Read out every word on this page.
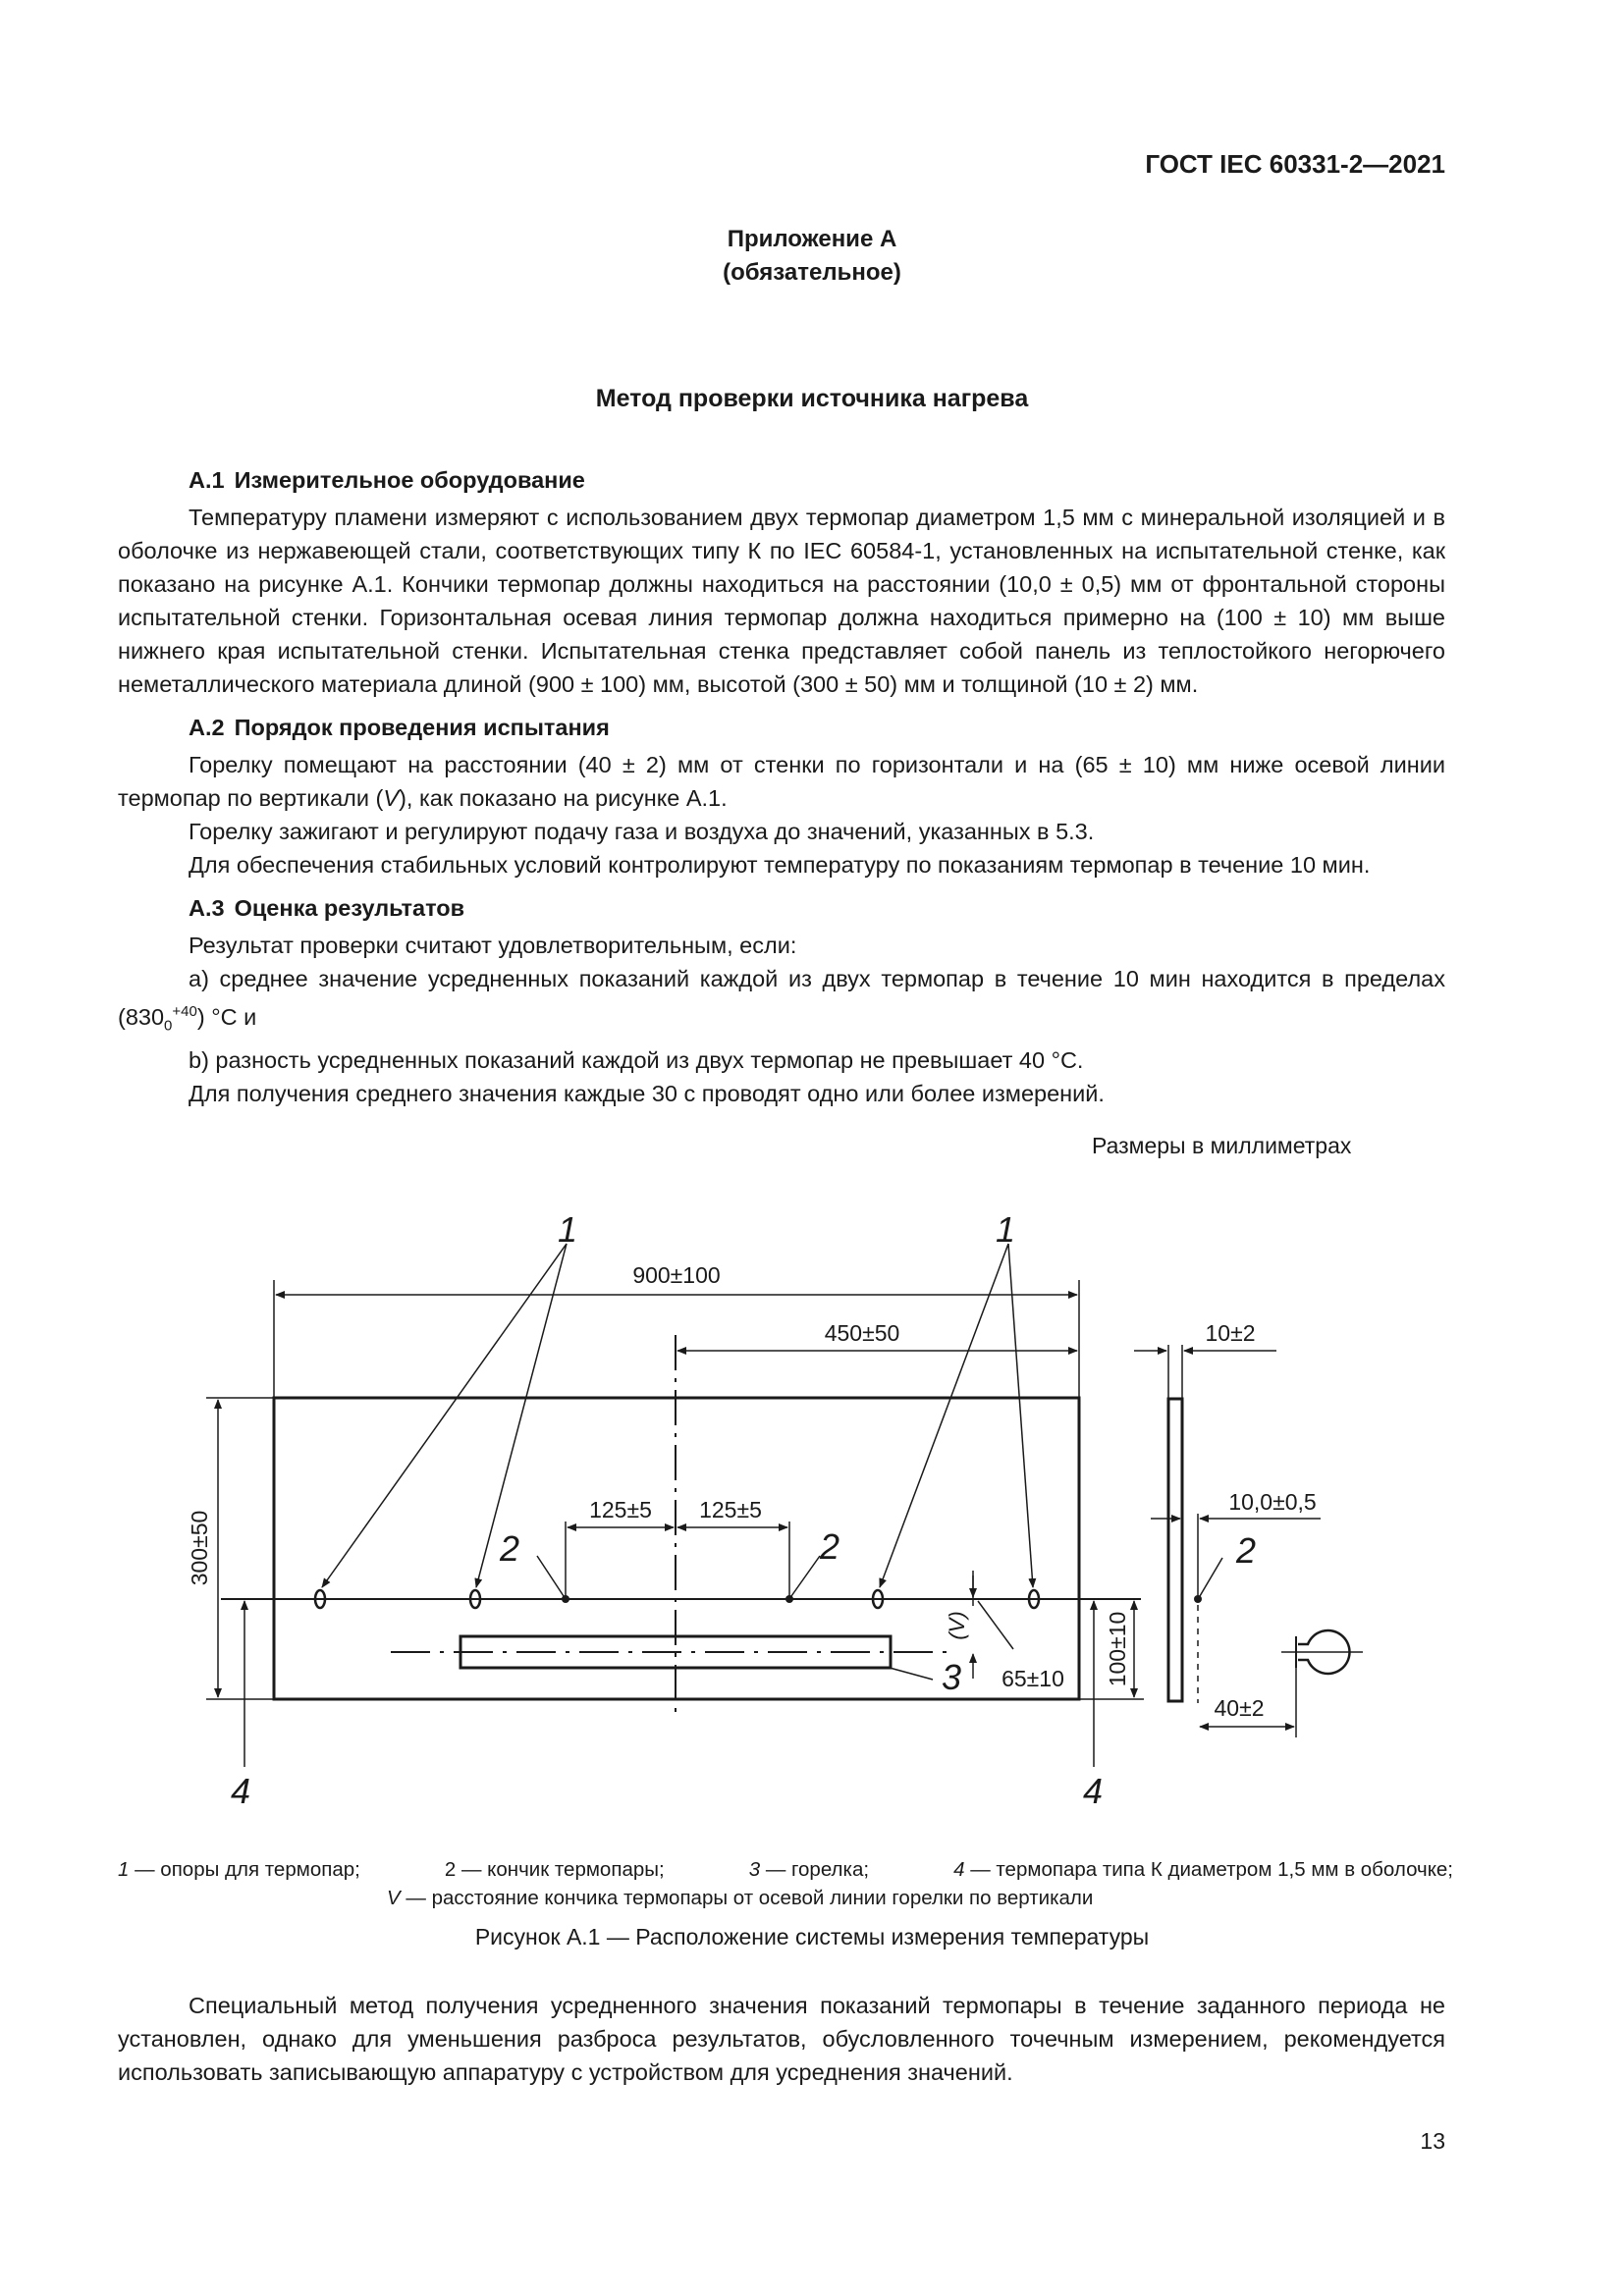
ГОСТ IEC 60331-2—2021
Приложение А
(обязательное)
Метод проверки источника нагрева
А.1 Измерительное оборудование

Температуру пламени измеряют с использованием двух термопар диаметром 1,5 мм с минеральной изоляцией и в оболочке из нержавеющей стали, соответствующих типу К по IEC 60584-1, установленных на испытательной стенке, как показано на рисунке А.1. Кончики термопар должны находиться на расстоянии (10,0 ± 0,5) мм от фронтальной стороны испытательной стенки. Горизонтальная осевая линия термопар должна находиться примерно на (100 ± 10) мм выше нижнего края испытательной стенки. Испытательная стенка представляет собой панель из теплостойкого негорючего неметаллического материала длиной (900 ± 100) мм, высотой (300 ± 50) мм и толщиной (10 ± 2) мм.

А.2 Порядок проведения испытания

Горелку помещают на расстоянии (40 ± 2) мм от стенки по горизонтали и на (65 ± 10) мм ниже осевой линии термопар по вертикали (V), как показано на рисунке А.1.

Горелку зажигают и регулируют подачу газа и воздуха до значений, указанных в 5.3.

Для обеспечения стабильных условий контролируют температуру по показаниям термопар в течение 10 мин.

А.3 Оценка результатов

Результат проверки считают удовлетворительным, если:

а) среднее значение усредненных показаний каждой из двух термопар в течение 10 мин находится в пределах $(830_0^{+40})$ °С и

b) разность усредненных показаний каждой из двух термопар не превышает 40 °С.

Для получения среднего значения каждые 30 с проводят одно или более измерений.

Размеры в миллиметрах
900±100
450±50
300±50
125±5 125±5
(V)
65±10 100±10
10±2
10,0±0,5
40±2
1	1
2	2	2
3
4	4
1 — опоры для термопар;	2 — кончик термопары;	3 — горелка;	4 — термопара типа К диаметром 1,5 мм в оболочке;
V — расстояние кончика термопары от осевой линии горелки по вертикали
Рисунок А.1 — Расположение системы измерения температуры

Специальный метод получения усредненного значения показаний термопары в течение заданного периода не установлен, однако для уменьшения разброса результатов, обусловленного точечным измерением, рекомендуется использовать записывающую аппаратуру с устройством для усреднения значений.

13
